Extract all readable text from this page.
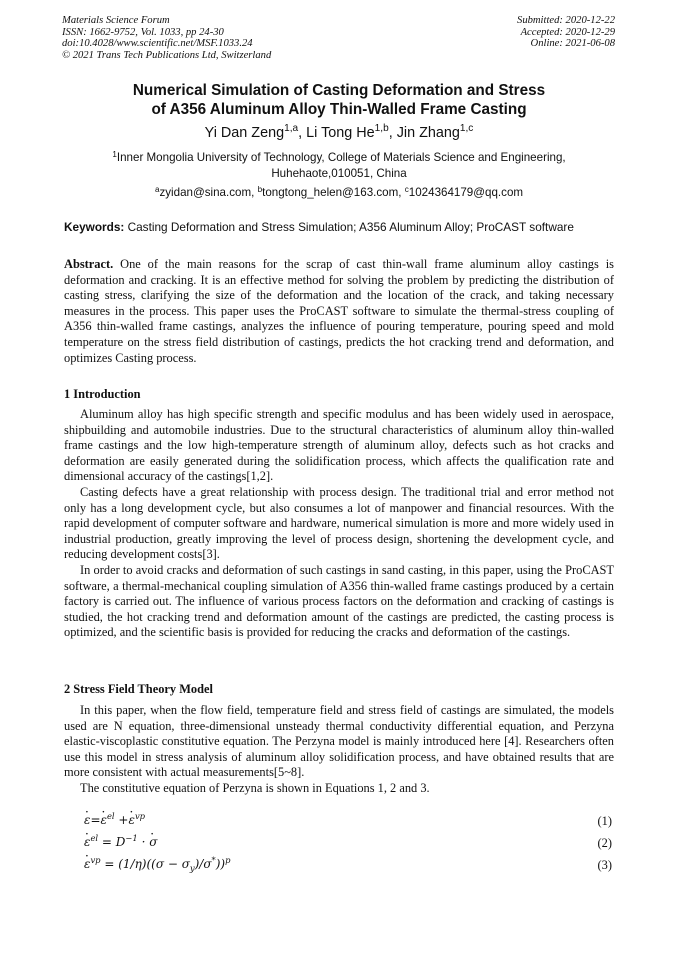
Materials Science Forum
ISSN: 1662-9752, Vol. 1033, pp 24-30
doi:10.4028/www.scientific.net/MSF.1033.24
© 2021 Trans Tech Publications Ltd, Switzerland
Submitted: 2020-12-22
Accepted: 2020-12-29
Online: 2021-06-08
Numerical Simulation of Casting Deformation and Stress
of A356 Aluminum Alloy Thin-Walled Frame Casting
Yi Dan Zeng$^{1,a}$, Li Tong He$^{1,b}$, Jin Zhang$^{1,c}$
$^1$Inner Mongolia University of Technology, College of Materials Science and Engineering,
Huhehaote,010051, China
$^a$zyidan@sina.com, $^b$tongtong_helen@163.com, $^c$1024364179@qq.com
Keywords: Casting Deformation and Stress Simulation; A356 Aluminum Alloy; ProCAST software

Abstract. One of the main reasons for the scrap of cast thin-wall frame aluminum alloy castings is deformation and cracking. It is an effective method for solving the problem by predicting the distribution of casting stress, clarifying the size of the deformation and the location of the crack, and taking necessary measures in the process. This paper uses the ProCAST software to simulate the thermal-stress coupling of A356 thin-walled frame castings, analyzes the influence of pouring temperature, pouring speed and mold temperature on the stress field distribution of castings, predicts the hot cracking trend and deformation, and optimizes Casting process.

1 Introduction

Aluminum alloy has high specific strength and specific modulus and has been widely used in aerospace, shipbuilding and automobile industries. Due to the structural characteristics of aluminum alloy thin-walled frame castings and the low high-temperature strength of aluminum alloy, defects such as hot cracks and deformation are easily generated during the solidification process, which affects the qualification rate and dimensional accuracy of the castings[1,2].

Casting defects have a great relationship with process design. The traditional trial and error method not only has a long development cycle, but also consumes a lot of manpower and financial resources. With the rapid development of computer software and hardware, numerical simulation is more and more widely used in industrial production, greatly improving the level of process design, shortening the development cycle, and reducing development costs[3].

In order to avoid cracks and deformation of such castings in sand casting, in this paper, using the ProCAST software, a thermal-mechanical coupling simulation of A356 thin-walled frame castings produced by a certain factory is carried out. The influence of various process factors on the deformation and cracking of castings is studied, the hot cracking trend and deformation amount of the castings are predicted, the casting process is optimized, and the scientific basis is provided for reducing the cracks and deformation of the castings.

2 Stress Field Theory Model

In this paper, when the flow field, temperature field and stress field of castings are simulated, the models used are N equation, three-dimensional unsteady thermal conductivity differential equation, and Perzyna elastic-viscoplastic constitutive equation. The Perzyna model is mainly introduced here [4]. Researchers often use this model in stress analysis of aluminum alloy solidification process, and have obtained results that are more consistent with actual measurements[5~8].

The constitutive equation of Perzyna is shown in Equations 1, 2 and 3.

ε ·=ε ·$^{el}$ +ε ·$^{vp}$	(1)
$\varepsilon \cdot^{el} = D^{-1} \cdot \sigma$ ·	(2)
$\varepsilon \cdot^{vp} = (1/\eta)((\sigma - \sigma_y)/\sigma^*))^p$	(3)
